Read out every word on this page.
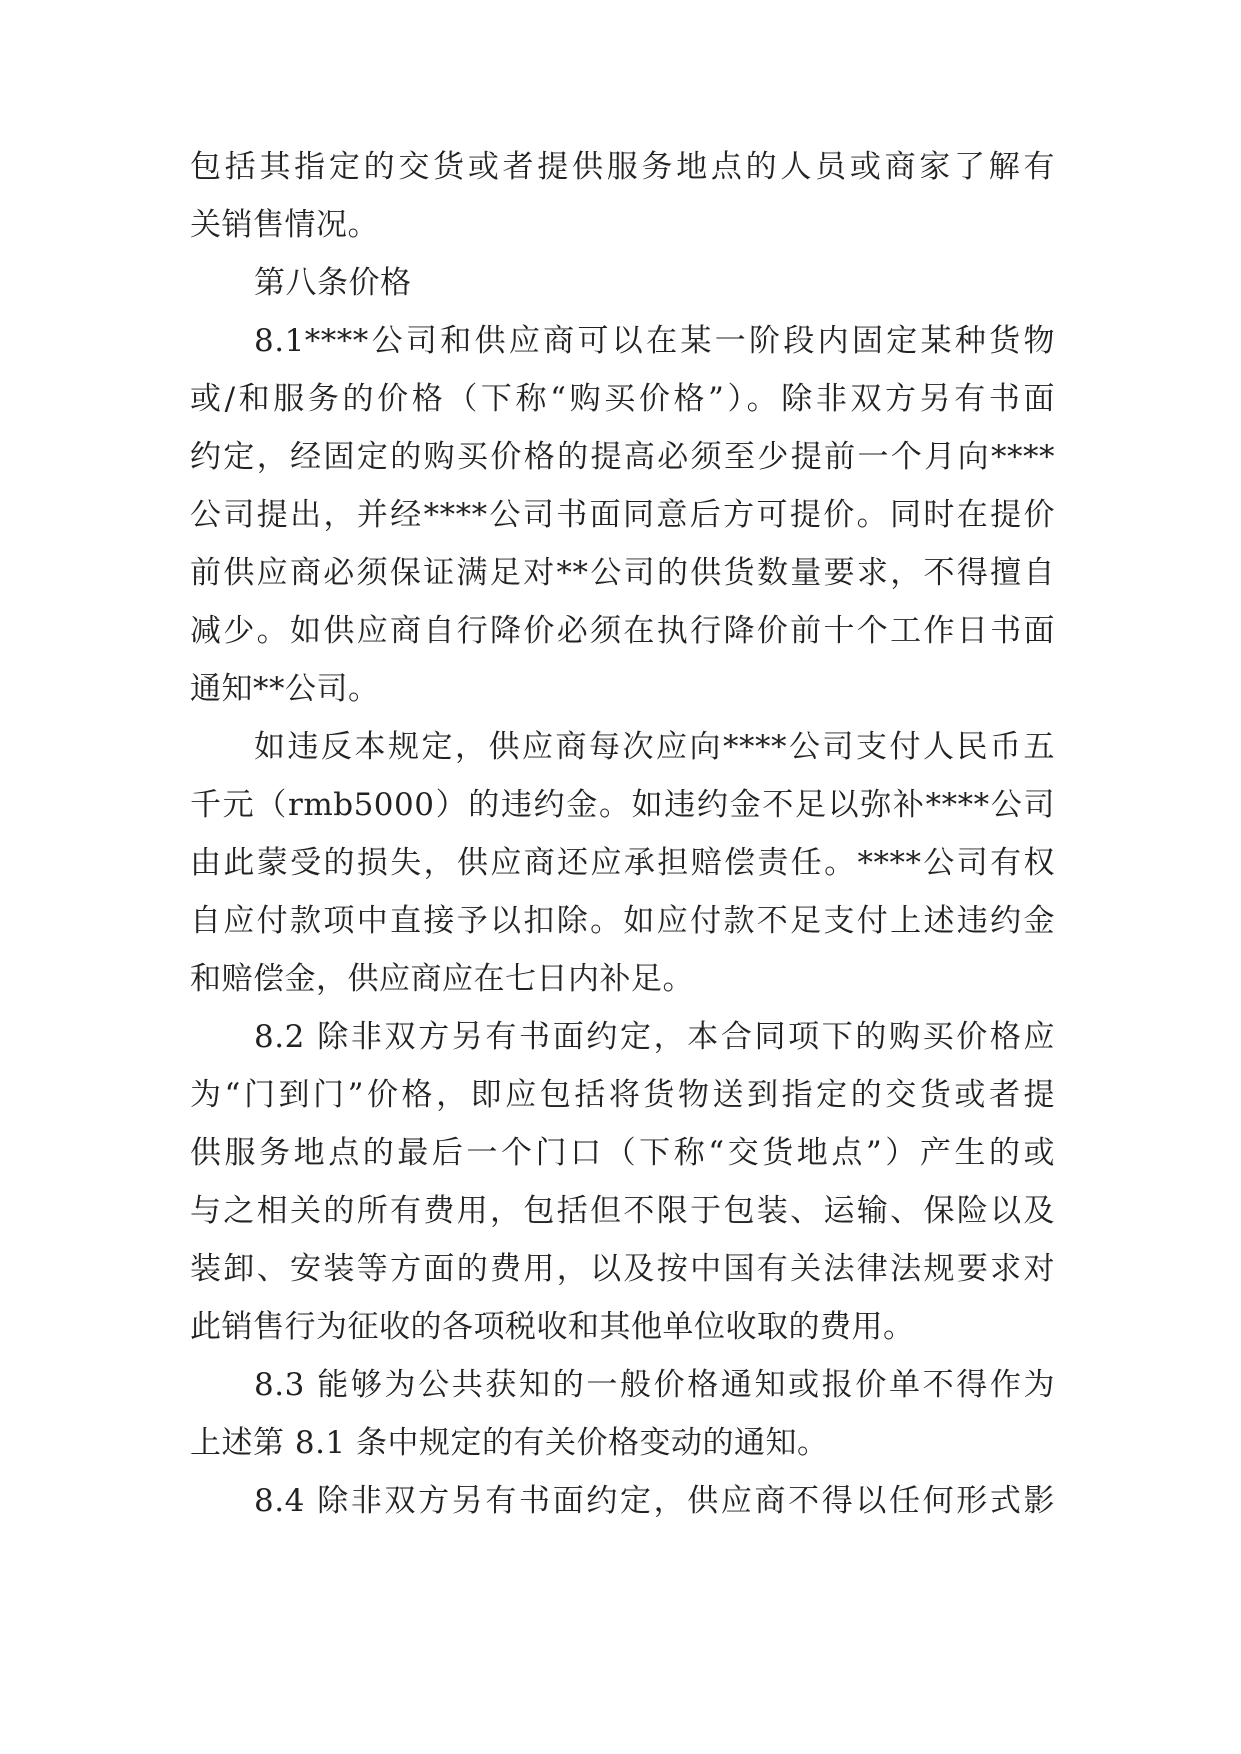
包括其指定的交货或者提供服务地点的人员或商家了解有
关销售情况。
第八条价格
8.1****公司和供应商可以在某一阶段内固定某种货物
或/和服务的价格（下称“购买价格”）。除非双方另有书面
约定，经固定的购买价格的提高必须至少提前一个月向****
公司提出，并经****公司书面同意后方可提价。同时在提价
前供应商必须保证满足对**公司的供货数量要求，不得擅自
减少。如供应商自行降价必须在执行降价前十个工作日书面
通知**公司。
如违反本规定，供应商每次应向****公司支付人民币五
千元（rmb5000）的违约金。如违约金不足以弥补****公司
由此蒙受的损失，供应商还应承担赔偿责任。****公司有权
自应付款项中直接予以扣除。如应付款不足支付上述违约金
和赔偿金，供应商应在七日内补足。
8.2 除非双方另有书面约定，本合同项下的购买价格应
为“门到门”价格，即应包括将货物送到指定的交货或者提
供服务地点的最后一个门口（下称“交货地点”）产生的或
与之相关的所有费用，包括但不限于包装、运输、保险以及
装卸、安装等方面的费用，以及按中国有关法律法规要求对
此销售行为征收的各项税收和其他单位收取的费用。
8.3 能够为公共获知的一般价格通知或报价单不得作为
上述第 8.1 条中规定的有关价格变动的通知。
8.4 除非双方另有书面约定，供应商不得以任何形式影
